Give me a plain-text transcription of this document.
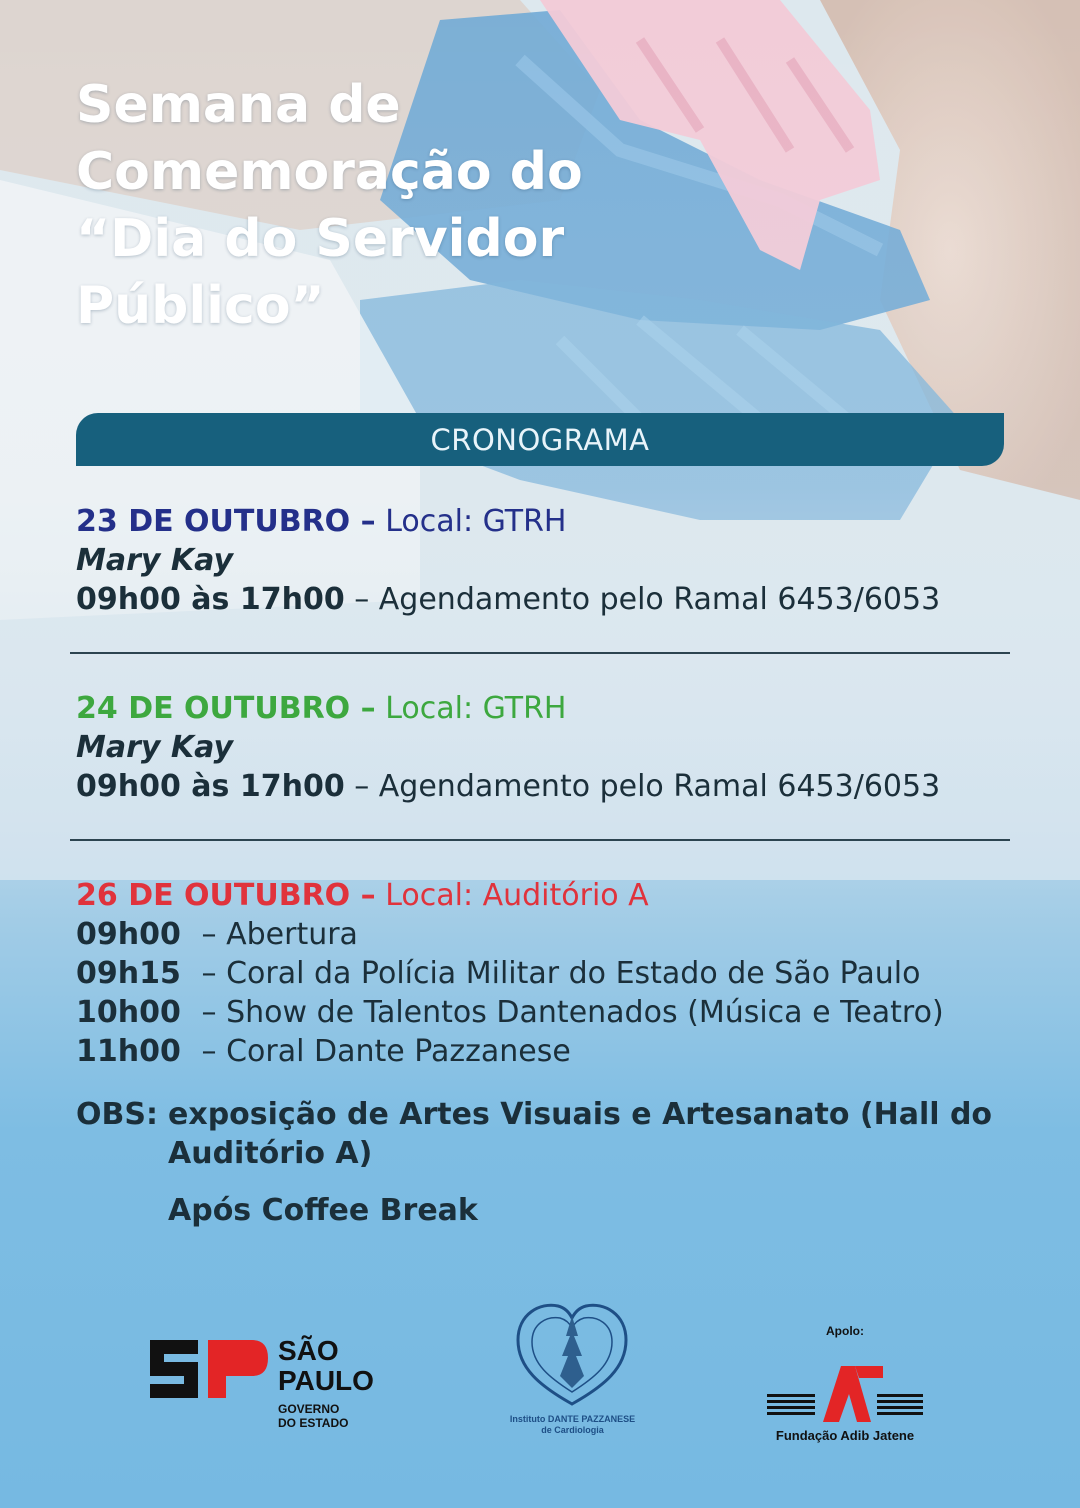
Semana de
Comemoração do
“Dia do Servidor
Público”
CRONOGRAMA
23 DE OUTUBRO – Local: GTRH
Mary Kay
09h00 às 17h00 – Agendamento pelo Ramal 6453/6053
24 DE OUTUBRO – Local: GTRH
Mary Kay
09h00 às 17h00 – Agendamento pelo Ramal 6453/6053
26 DE OUTUBRO – Local: Auditório A
09h00 – Abertura
09h15 – Coral da Polícia Militar do Estado de São Paulo
10h00 – Show de Talentos Dantenados (Música e Teatro)
11h00 – Coral Dante Pazzanese
OBS: exposição de Artes Visuais e Artesanato (Hall do
Auditório A)
Após Coffee Break
SÃO
PAULO
GOVERNO
DO ESTADO	Instituto DANTE PAZZANESE
de Cardiologia
Apolo:
Fundação Adib Jatene
